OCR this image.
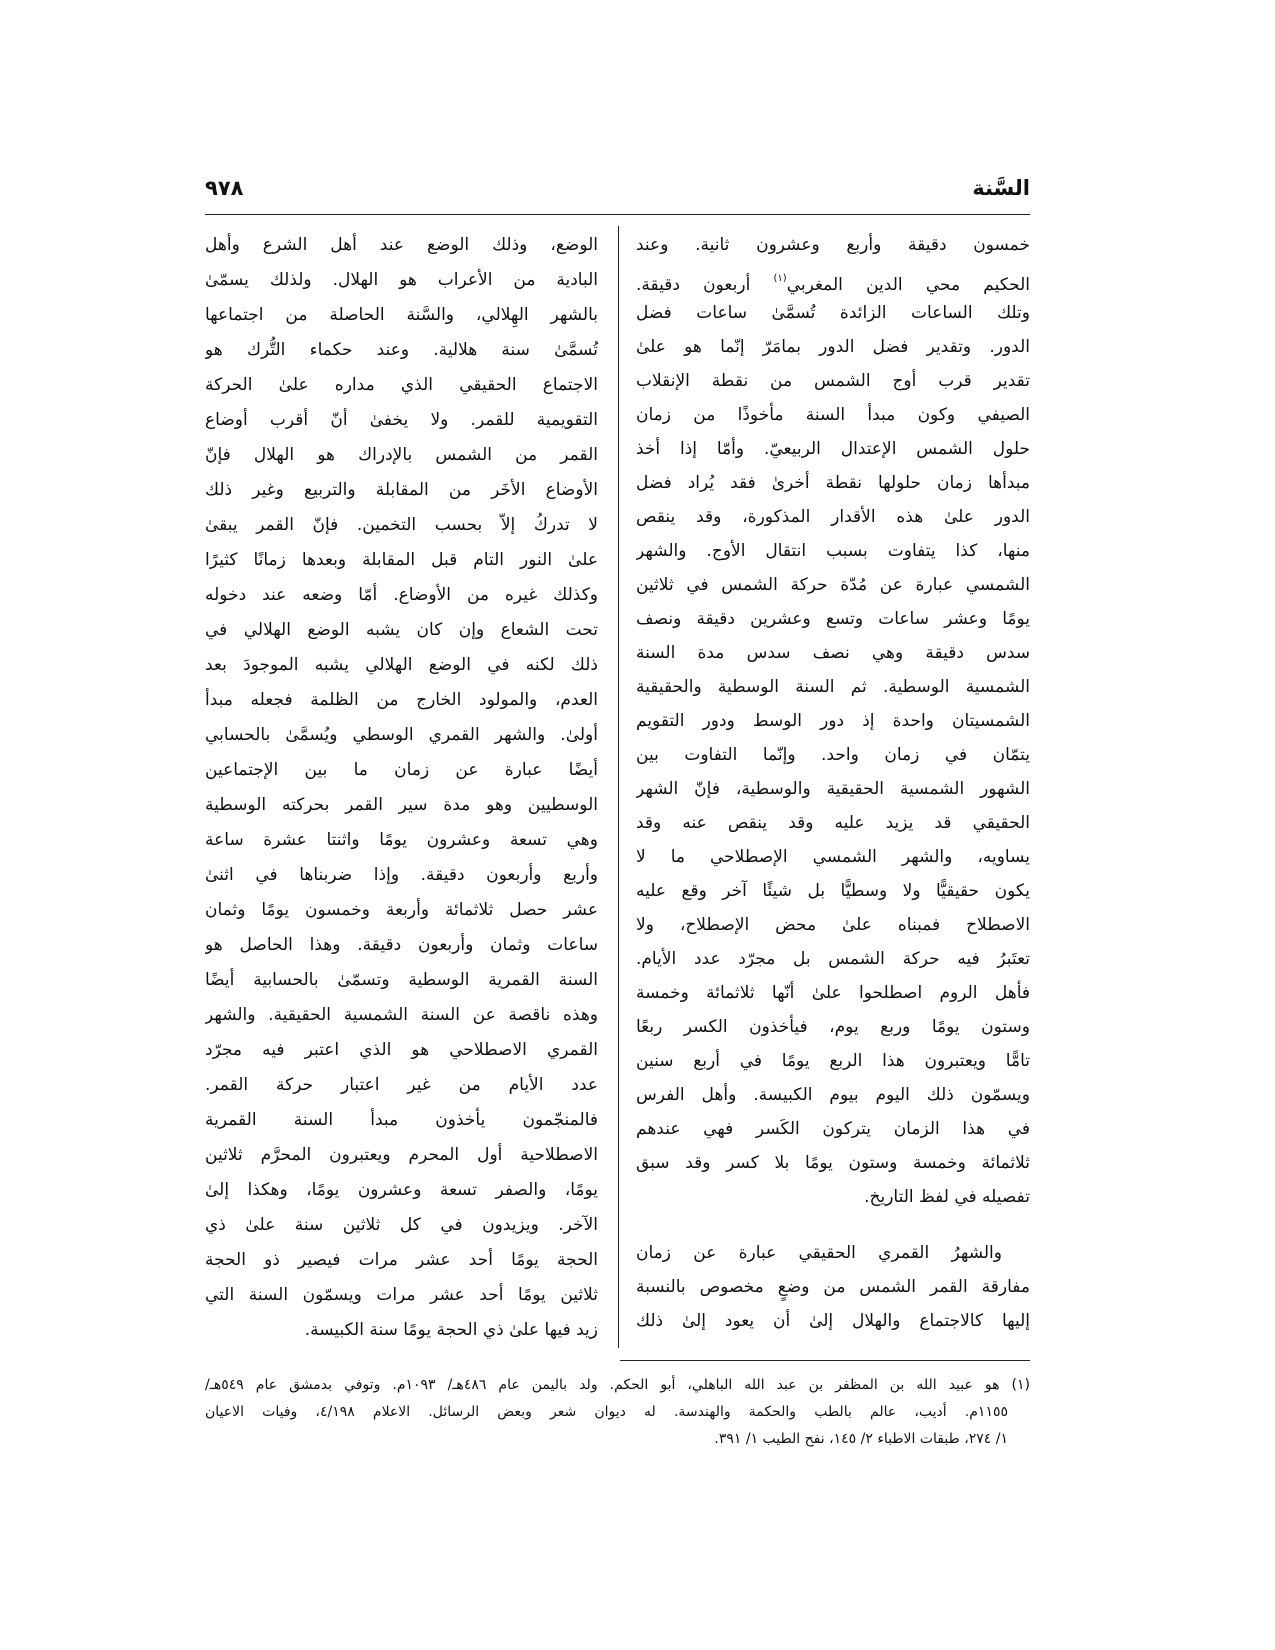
السَّنة
٩٧٨
خمسون دقيقة وأربع وعشرون ثانية. وعند
الحكيم محي الدين المغربي$^{(١)}$ أربعون دقيقة.
وتلك الساعات الزائدة تُسمَّىٰ ساعات فضل
الدور. وتقدير فضل الدور بمامَرّ إنّما هو علىٰ
تقدير قرب أوج الشمس من نقطة الإنقلاب
الصيفي وكون مبدأ السنة مأخوذًا من زمان
حلول الشمس الإعتدال الربيعيّ. وأمّا إذا أخذ
مبدأها زمان حلولها نقطة أخرىٰ فقد يُراد فضل
الدور علىٰ هذه الأقدار المذكورة، وقد ينقص
منها، كذا يتفاوت بسبب انتقال الأوج. والشهر
الشمسي عبارة عن مُدّة حركة الشمس في ثلاثين
يومًا وعشر ساعات وتسع وعشرين دقيقة ونصف
سدس دقيقة وهي نصف سدس مدة السنة
الشمسية الوسطية. ثم السنة الوسطية والحقيقية
الشمسيتان واحدة إذ دور الوسط ودور التقويم
يتمّان في زمان واحد. وإنّما التفاوت بين
الشهور الشمسية الحقيقية والوسطية، فإنّ الشهر
الحقيقي قد يزيد عليه وقد ينقص عنه وقد
يساويه، والشهر الشمسي الإصطلاحي ما لا
يكون حقيقيًّا ولا وسطيًّا بل شيئًا آخر وقع عليه
الاصطلاح فمبناه علىٰ محض الإصطلاح، ولا
تعتَبرُ فيه حركة الشمس بل مجرّد عدد الأيام.
فأهل الروم اصطلحوا علىٰ أنّها ثلاثمائة وخمسة
وستون يومًا وربع يوم، فيأخذون الكسر ربعًا
تامًّا ويعتبرون هذا الربع يومًا في أربع سنين
ويسمّون ذلك اليوم بيوم الكبيسة. وأهل الفرس
في هذا الزمان يتركون الكَسر فهي عندهم
ثلاثمائة وخمسة وستون يومًا بلا كسر وقد سبق
تفصيله في لفظ التاريخ.
والشهرُ القمري الحقيقي عبارة عن زمان
مفارقة القمر الشمس من وضعٍ مخصوص بالنسبة
إليها كالاجتماع والهلال إلىٰ أن يعود إلىٰ ذلك
الوضع، وذلك الوضع عند أهل الشرع وأهل
البادية من الأعراب هو الهلال. ولذلك يسمّىٰ
بالشهر الهِلالي، والسَّنة الحاصلة من اجتماعها
تُسمَّىٰ سنة هلالية. وعند حكماء التُّرك هو
الاجتماع الحقيقي الذي مداره علىٰ الحركة
التقويمية للقمر. ولا يخفىٰ أنّ أقرب أوضاع
القمر من الشمس بالإدراك هو الهلال فإنّ
الأوضاع الأخَر من المقابلة والتربيع وغير ذلك
لا تدركُ إلاّ بحسب التخمين. فإنّ القمر يبقىٰ
علىٰ النور التام قبل المقابلة وبعدها زمانًا كثيرًا
وكذلك غيره من الأوضاع. أمّا وضعه عند دخوله
تحت الشعاع وإن كان يشبه الوضع الهلالي في
ذلك لكنه في الوضع الهلالي يشبه الموجودَ بعد
العدم، والمولود الخارج من الظلمة فجعله مبدأ
أولىٰ. والشهر القمري الوسطي ويُسمَّىٰ بالحسابي
أيضًا عبارة عن زمان ما بين الإجتماعين
الوسطيين وهو مدة سير القمر بحركته الوسطية
وهي تسعة وعشرون يومًا واثنتا عشرة ساعة
وأربع وأربعون دقيقة. وإذا ضربناها في اثنىٰ
عشر حصل ثلاثمائة وأربعة وخمسون يومًا وثمان
ساعات وثمان وأربعون دقيقة. وهذا الحاصل هو
السنة القمرية الوسطية وتسمّىٰ بالحسابية أيضًا
وهذه ناقصة عن السنة الشمسية الحقيقية. والشهر
القمري الاصطلاحي هو الذي اعتبر فيه مجرّد
عدد الأيام من غير اعتبار حركة القمر.
فالمنجّمون يأخذون مبدأ السنة القمرية
الاصطلاحية أول المحرم ويعتبرون المحرَّم ثلاثين
يومًا، والصفر تسعة وعشرون يومًا، وهكذا إلىٰ
الآخر. ويزيدون في كل ثلاثين سنة علىٰ ذي
الحجة يومًا أحد عشر مرات فيصير ذو الحجة
ثلاثين يومًا أحد عشر مرات ويسمّون السنة التي
زيد فيها علىٰ ذي الحجة يومًا سنة الكبيسة.
(١) هو عبيد الله بن المظفر بن عبد الله الباهلي، أبو الحكم. ولد باليمن عام ٤٨٦هـ/ ١٠٩٣م. وتوفي بدمشق عام ٥٤٩هـ/
١١٥٥م. أديب، عالم بالطب والحكمة والهندسة. له ديوان شعر وبعض الرسائل. الاعلام ٤/١٩٨، وفيات الاعيان
١/ ٢٧٤، طبقات الاطباء ٢/ ١٤٥، نفح الطيب ١/ ٣٩١.
